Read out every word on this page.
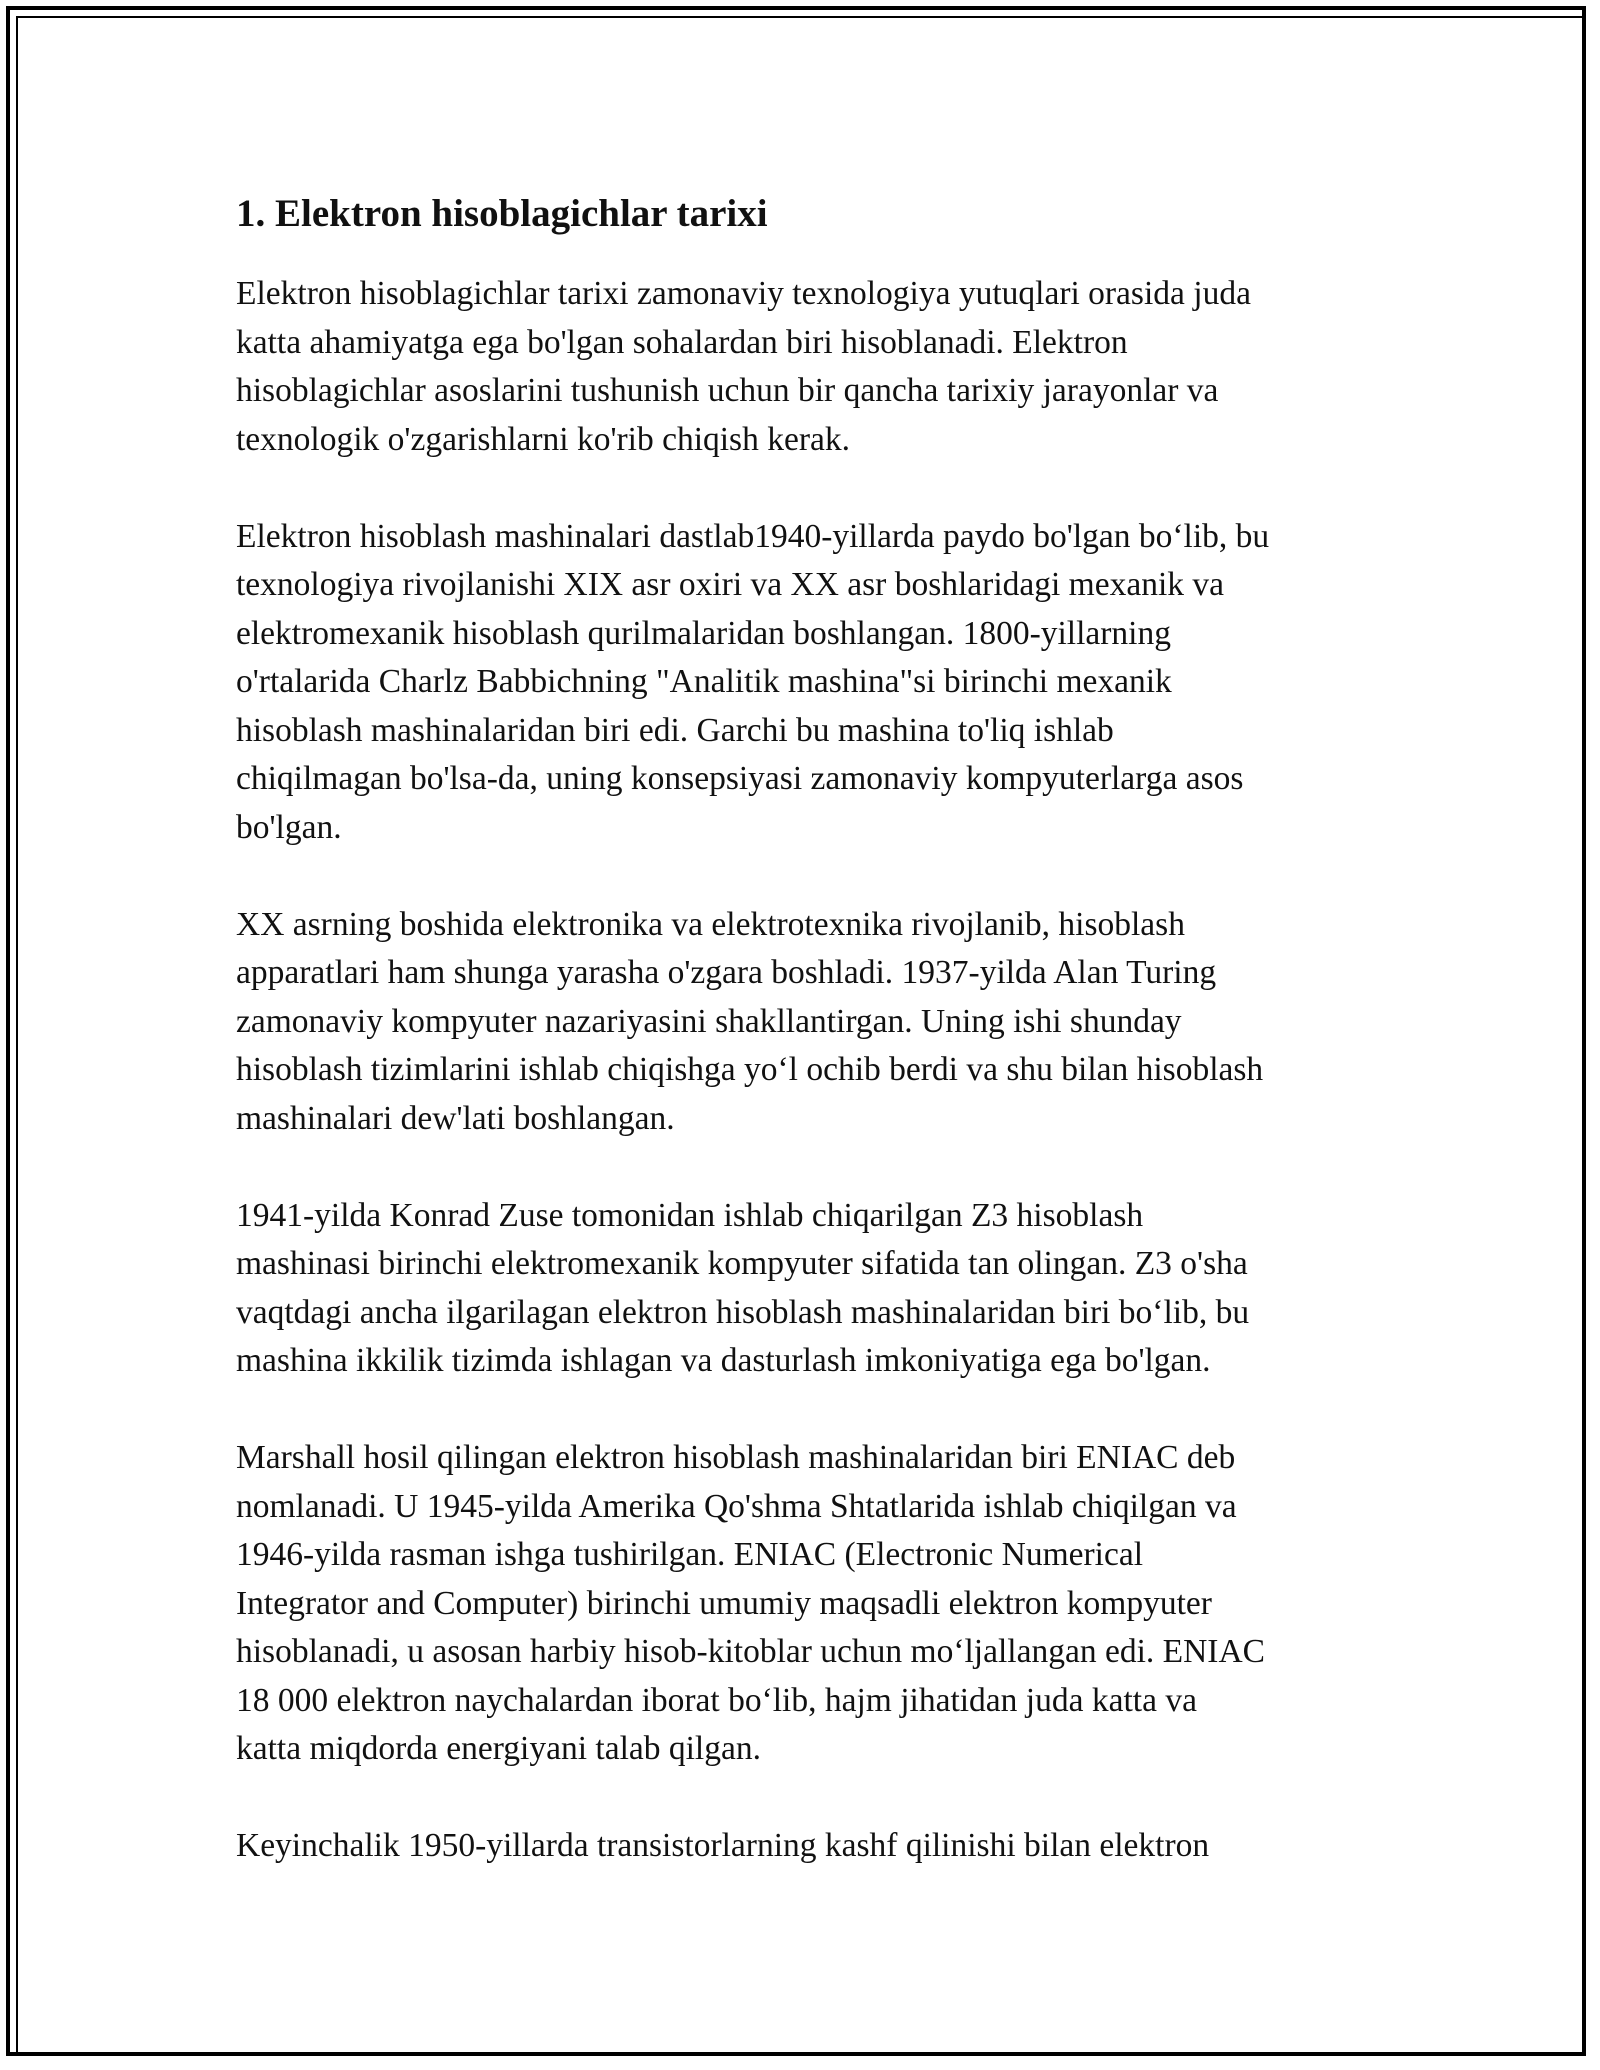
1. Elektron hisoblagichlar tarixi

Elektron hisoblagichlar tarixi zamonaviy texnologiya yutuqlari orasida juda
katta ahamiyatga ega bo'lgan sohalardan biri hisoblanadi. Elektron
hisoblagichlar asoslarini tushunish uchun bir qancha tarixiy jarayonlar va
texnologik o'zgarishlarni ko'rib chiqish kerak.

Elektron hisoblash mashinalari dastlab1940-yillarda paydo bo'lgan bo‘lib, bu
texnologiya rivojlanishi XIX asr oxiri va XX asr boshlaridagi mexanik va
elektromexanik hisoblash qurilmalaridan boshlangan. 1800-yillarning
o'rtalarida Charlz Babbichning "Analitik mashina"si birinchi mexanik
hisoblash mashinalaridan biri edi. Garchi bu mashina to'liq ishlab
chiqilmagan bo'lsa-da, uning konsepsiyasi zamonaviy kompyuterlarga asos
bo'lgan.

XX asrning boshida elektronika va elektrotexnika rivojlanib, hisoblash
apparatlari ham shunga yarasha o'zgara boshladi. 1937-yilda Alan Turing
zamonaviy kompyuter nazariyasini shakllantirgan. Uning ishi shunday
hisoblash tizimlarini ishlab chiqishga yo‘l ochib berdi va shu bilan hisoblash
mashinalari dew'lati boshlangan.

1941-yilda Konrad Zuse tomonidan ishlab chiqarilgan Z3 hisoblash
mashinasi birinchi elektromexanik kompyuter sifatida tan olingan. Z3 o'sha
vaqtdagi ancha ilgarilagan elektron hisoblash mashinalaridan biri bo‘lib, bu
mashina ikkilik tizimda ishlagan va dasturlash imkoniyatiga ega bo'lgan.

Marshall hosil qilingan elektron hisoblash mashinalaridan biri ENIAC deb
nomlanadi. U 1945-yilda Amerika Qo'shma Shtatlarida ishlab chiqilgan va
1946-yilda rasman ishga tushirilgan. ENIAC (Electronic Numerical
Integrator and Computer) birinchi umumiy maqsadli elektron kompyuter
hisoblanadi, u asosan harbiy hisob-kitoblar uchun mo‘ljallangan edi. ENIAC
18 000 elektron naychalardan iborat bo‘lib, hajm jihatidan juda katta va
katta miqdorda energiyani talab qilgan.

Keyinchalik 1950-yillarda transistorlarning kashf qilinishi bilan elektron
